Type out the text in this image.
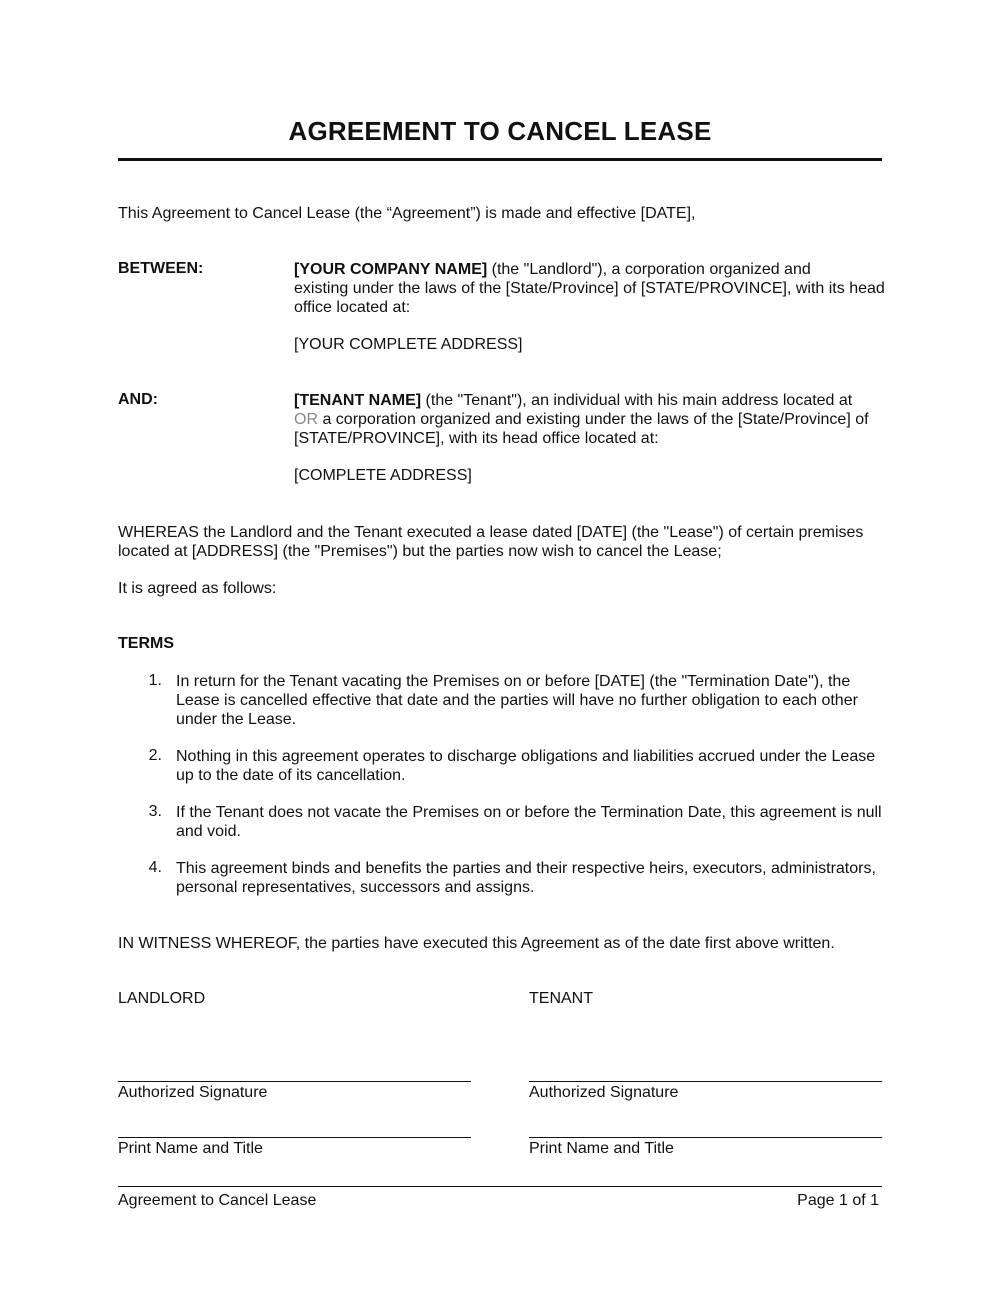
AGREEMENT TO CANCEL LEASE
This Agreement to Cancel Lease (the “Agreement”) is made and effective [DATE],
BETWEEN:	[YOUR COMPANY NAME] (the "Landlord"), a corporation organized and
existing under the laws of the [State/Province] of [STATE/PROVINCE], with its head office located at:
[YOUR COMPLETE ADDRESS]
AND:	[TENANT NAME] (the "Tenant"), an individual with his main address located at
OR a corporation organized and existing under the laws of the [State/Province] of [STATE/PROVINCE], with its head office located at:
[COMPLETE ADDRESS]
WHEREAS the Landlord and the Tenant executed a lease dated [DATE] (the "Lease") of certain premises located at [ADDRESS] (the "Premises") but the parties now wish to cancel the Lease;
It is agreed as follows:
TERMS
1. In return for the Tenant vacating the Premises on or before [DATE] (the "Termination Date"), the Lease is cancelled effective that date and the parties will have no further obligation to each other under the Lease.
2. Nothing in this agreement operates to discharge obligations and liabilities accrued under the Lease up to the date of its cancellation.
3. If the Tenant does not vacate the Premises on or before the Termination Date, this agreement is null and void.
4. This agreement binds and benefits the parties and their respective heirs, executors, administrators, personal representatives, successors and assigns.
IN WITNESS WHEREOF, the parties have executed this Agreement as of the date first above written.
LANDLORD	TENANT
Authorized Signature	Authorized Signature
Print Name and Title	Print Name and Title
Agreement to Cancel Lease	Page 1 of 1
